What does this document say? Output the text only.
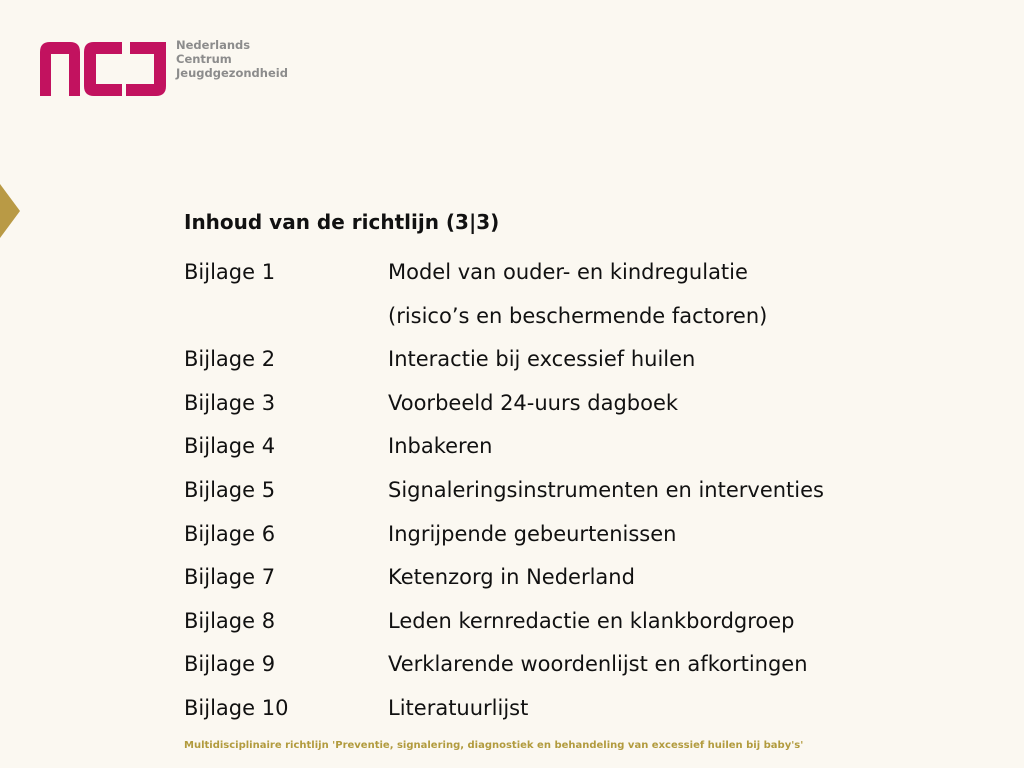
Nederlands
Centrum
Jeugdgezondheid
Inhoud van de richtlijn (3|3)
Bijlage 1	Model van ouder- en kindregulatie
(risico’s en beschermende factoren)
Bijlage 2	Interactie bij excessief huilen
Bijlage 3	Voorbeeld 24-uurs dagboek
Bijlage 4	Inbakeren
Bijlage 5	Signaleringsinstrumenten en interventies
Bijlage 6	Ingrijpende gebeurtenissen
Bijlage 7	Ketenzorg in Nederland
Bijlage 8	Leden kernredactie en klankbordgroep
Bijlage 9	Verklarende woordenlijst en afkortingen
Bijlage 10	Literatuurlijst
Multidisciplinaire richtlijn 'Preventie, signalering, diagnostiek en behandeling van excessief huilen bij baby's'
